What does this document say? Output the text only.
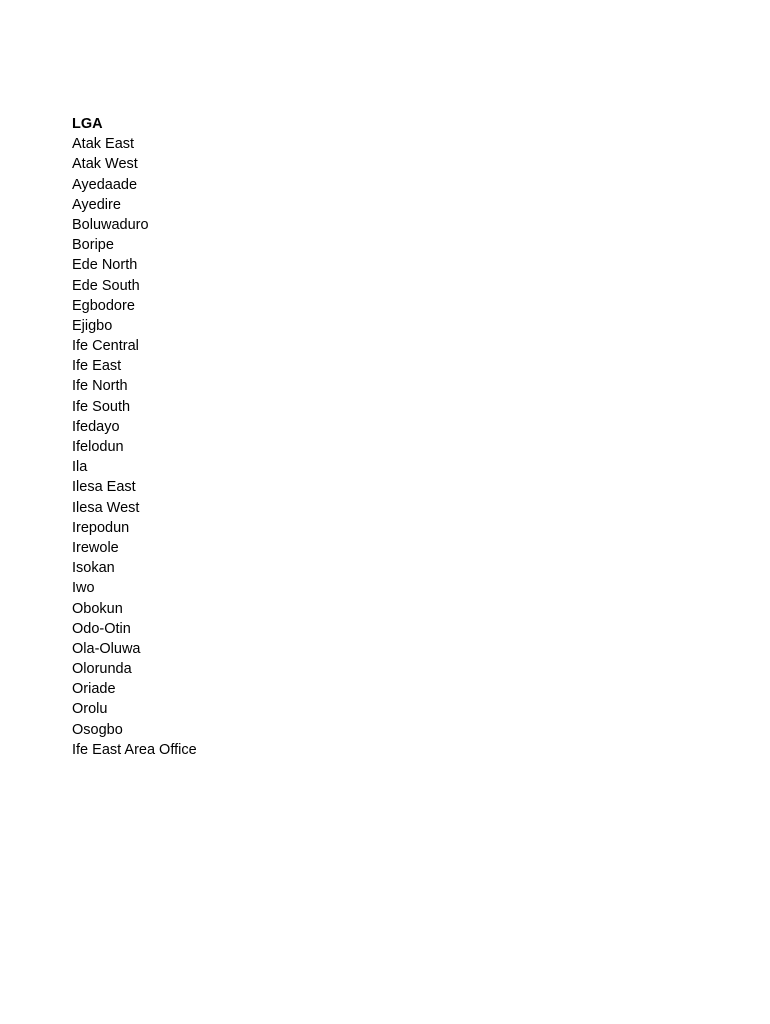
LGA
Atak East
Atak West
Ayedaade
Ayedire
Boluwaduro
Boripe
Ede North
Ede South
Egbodore
Ejigbo
Ife Central
Ife East
Ife North
Ife South
Ifedayo
Ifelodun
Ila
Ilesa East
Ilesa West
Irepodun
Irewole
Isokan
Iwo
Obokun
Odo-Otin
Ola-Oluwa
Olorunda
Oriade
Orolu
Osogbo
Ife East Area Office
